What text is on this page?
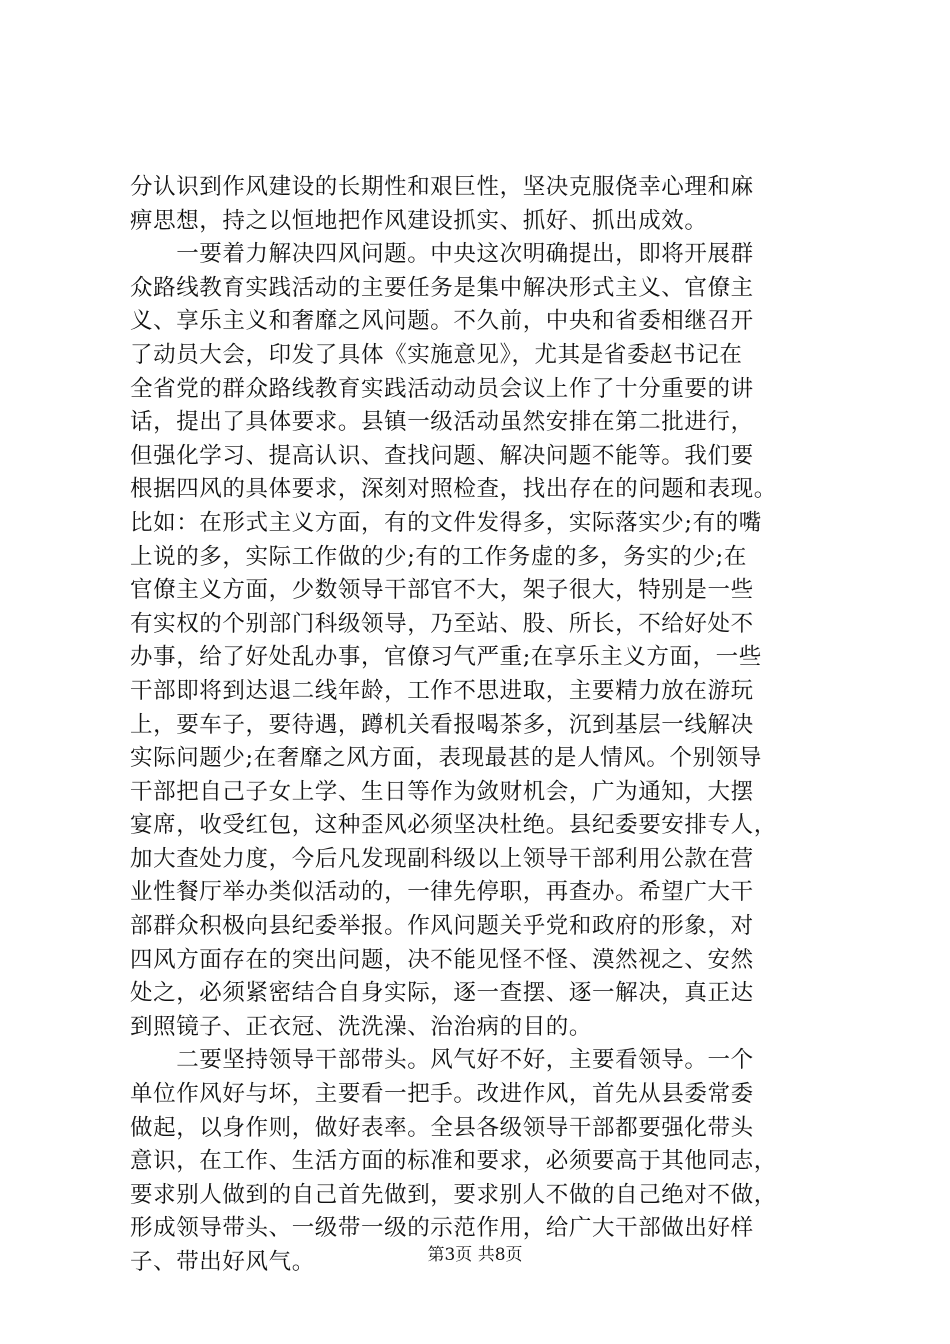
分认识到作风建设的长期性和艰巨性，坚决克服侥幸心理和麻
痹思想，持之以恒地把作风建设抓实、抓好、抓出成效。
　　一要着力解决四风问题。中央这次明确提出，即将开展群
众路线教育实践活动的主要任务是集中解决形式主义、官僚主
义、享乐主义和奢靡之风问题。不久前，中央和省委相继召开
了动员大会，印发了具体《实施意见》，尤其是省委赵书记在
全省党的群众路线教育实践活动动员会议上作了十分重要的讲
话，提出了具体要求。县镇一级活动虽然安排在第二批进行，
但强化学习、提高认识、查找问题、解决问题不能等。我们要
根据四风的具体要求，深刻对照检查，找出存在的问题和表现。
比如：在形式主义方面，有的文件发得多，实际落实少;有的嘴
上说的多，实际工作做的少;有的工作务虚的多，务实的少;在
官僚主义方面，少数领导干部官不大，架子很大，特别是一些
有实权的个别部门科级领导，乃至站、股、所长，不给好处不
办事，给了好处乱办事，官僚习气严重;在享乐主义方面，一些
干部即将到达退二线年龄，工作不思进取，主要精力放在游玩
上，要车子，要待遇，蹲机关看报喝茶多，沉到基层一线解决
实际问题少;在奢靡之风方面，表现最甚的是人情风。个别领导
干部把自己子女上学、生日等作为敛财机会，广为通知，大摆
宴席，收受红包，这种歪风必须坚决杜绝。县纪委要安排专人，
加大查处力度，今后凡发现副科级以上领导干部利用公款在营
业性餐厅举办类似活动的，一律先停职，再查办。希望广大干
部群众积极向县纪委举报。作风问题关乎党和政府的形象，对
四风方面存在的突出问题，决不能见怪不怪、漠然视之、安然
处之，必须紧密结合自身实际，逐一查摆、逐一解决，真正达
到照镜子、正衣冠、洗洗澡、治治病的目的。
　　二要坚持领导干部带头。风气好不好，主要看领导。一个
单位作风好与坏，主要看一把手。改进作风，首先从县委常委
做起，以身作则，做好表率。全县各级领导干部都要强化带头
意识，在工作、生活方面的标准和要求，必须要高于其他同志，
要求别人做到的自己首先做到，要求别人不做的自己绝对不做，
形成领导带头、一级带一级的示范作用，给广大干部做出好样
子、带出好风气。	第3页 共8页
